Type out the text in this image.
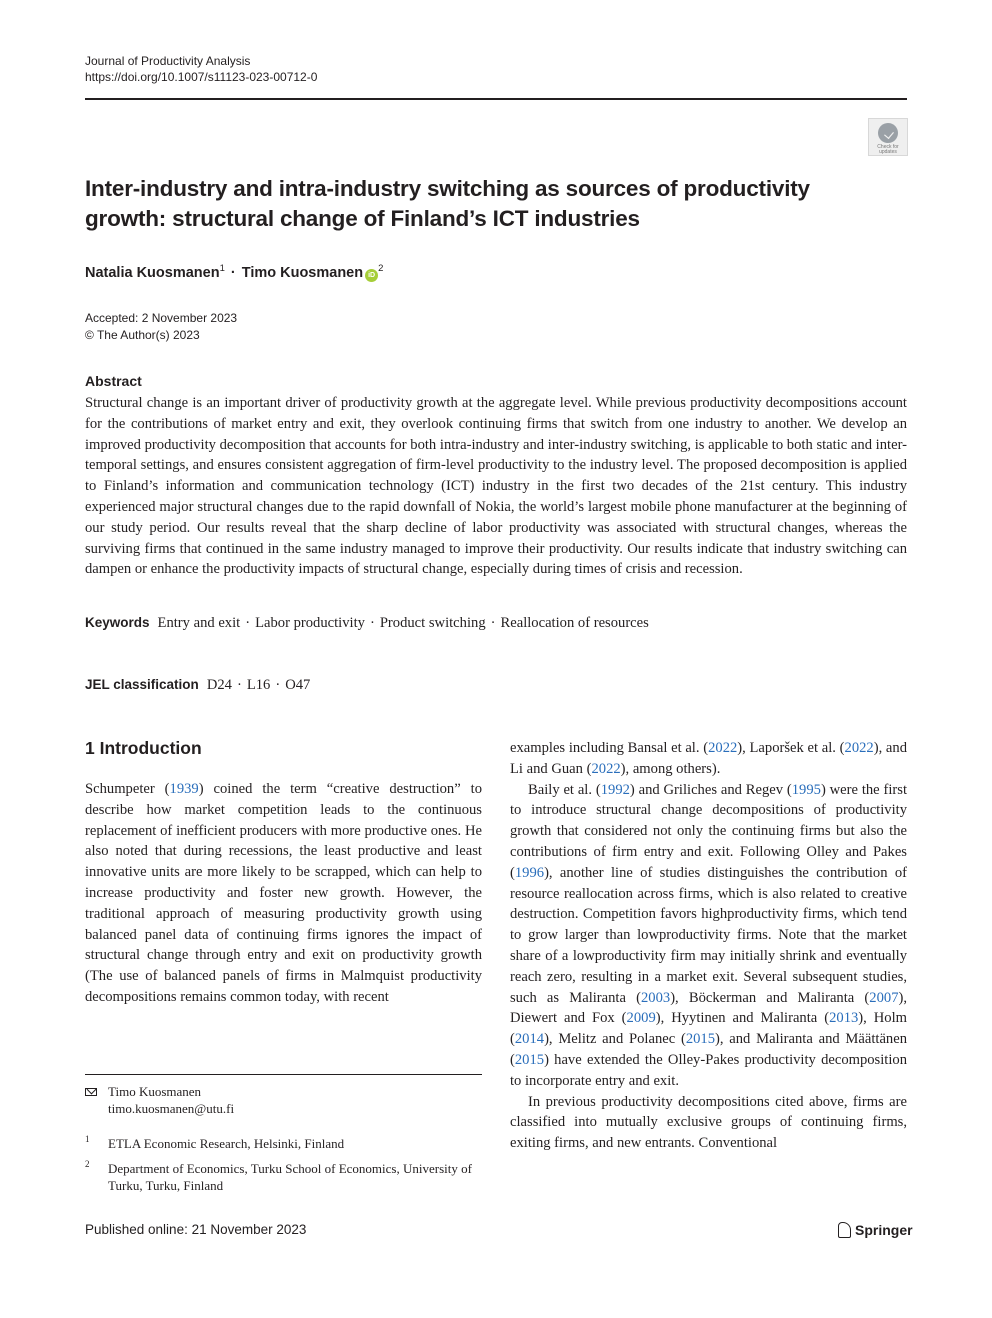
Journal of Productivity Analysis
https://doi.org/10.1007/s11123-023-00712-0
Check for updates
Inter-industry and intra-industry switching as sources of productivity growth: structural change of Finland’s ICT industries
Natalia Kuosmanen$^1$ · Timo Kuosmanen $iD^2$
Accepted: 2 November 2023
© The Author(s) 2023
Abstract
Structural change is an important driver of productivity growth at the aggregate level. While previous productivity decompositions account for the contributions of market entry and exit, they overlook continuing firms that switch from one industry to another. We develop an improved productivity decomposition that accounts for both intra-industry and inter-industry switching, is applicable to both static and inter-temporal settings, and ensures consistent aggregation of firm-level productivity to the industry level. The proposed decomposition is applied to Finland’s information and communication technology (ICT) industry in the first two decades of the 21st century. This industry experienced major structural changes due to the rapid downfall of Nokia, the world’s largest mobile phone manufacturer at the beginning of our study period. Our results reveal that the sharp decline of labor productivity was associated with structural changes, whereas the surviving firms that continued in the same industry managed to improve their productivity. Our results indicate that industry switching can dampen or enhance the productivity impacts of structural change, especially during times of crisis and recession.
Keywords Entry and exit · Labor productivity · Product switching · Reallocation of resources
JEL classification D24 · L16 · O47
1 Introduction
Schumpeter (1939) coined the term “creative destruction” to describe how market competition leads to the continuous replacement of inefficient producers with more productive ones. He also noted that during recessions, the least productive and least innovative units are more likely to be scrapped, which can help to increase productivity and foster new growth. However, the traditional approach of measuring productivity growth using balanced panel data of continuing firms ignores the impact of structural change through entry and exit on productivity growth (The use of balanced panels of firms in Malmquist productivity decompositions remains common today, with recent

examples including Bansal et al. (2022), Laporšek et al. (2022), and Li and Guan (2022), among others).

Baily et al. (1992) and Griliches and Regev (1995) were the first to introduce structural change decompositions of productivity growth that considered not only the continuing firms but also the contributions of firm entry and exit. Following Olley and Pakes (1996), another line of studies distinguishes the contribution of resource reallocation across firms, which is also related to creative destruction. Competition favors highproductivity firms, which tend to grow larger than lowproductivity firms. Note that the market share of a lowproductivity firm may initially shrink and eventually reach zero, resulting in a market exit. Several subsequent studies, such as Maliranta (2003), Böckerman and Maliranta (2007), Diewert and Fox (2009), Hyytinen and Maliranta (2013), Holm (2014), Melitz and Polanec (2015), and Maliranta and Määttänen (2015) have extended the Olley-Pakes productivity decomposition to incorporate entry and exit.

In previous productivity decompositions cited above, firms are classified into mutually exclusive groups of continuing firms, exiting firms, and new entrants. Conventional

Timo Kuosmanen
timo.kuosmanen@utu.fi
1 ETLA Economic Research, Helsinki, Finland
2 Department of Economics, Turku School of Economics, University of Turku, Turku, Finland
Published online: 21 November 2023	Springer
